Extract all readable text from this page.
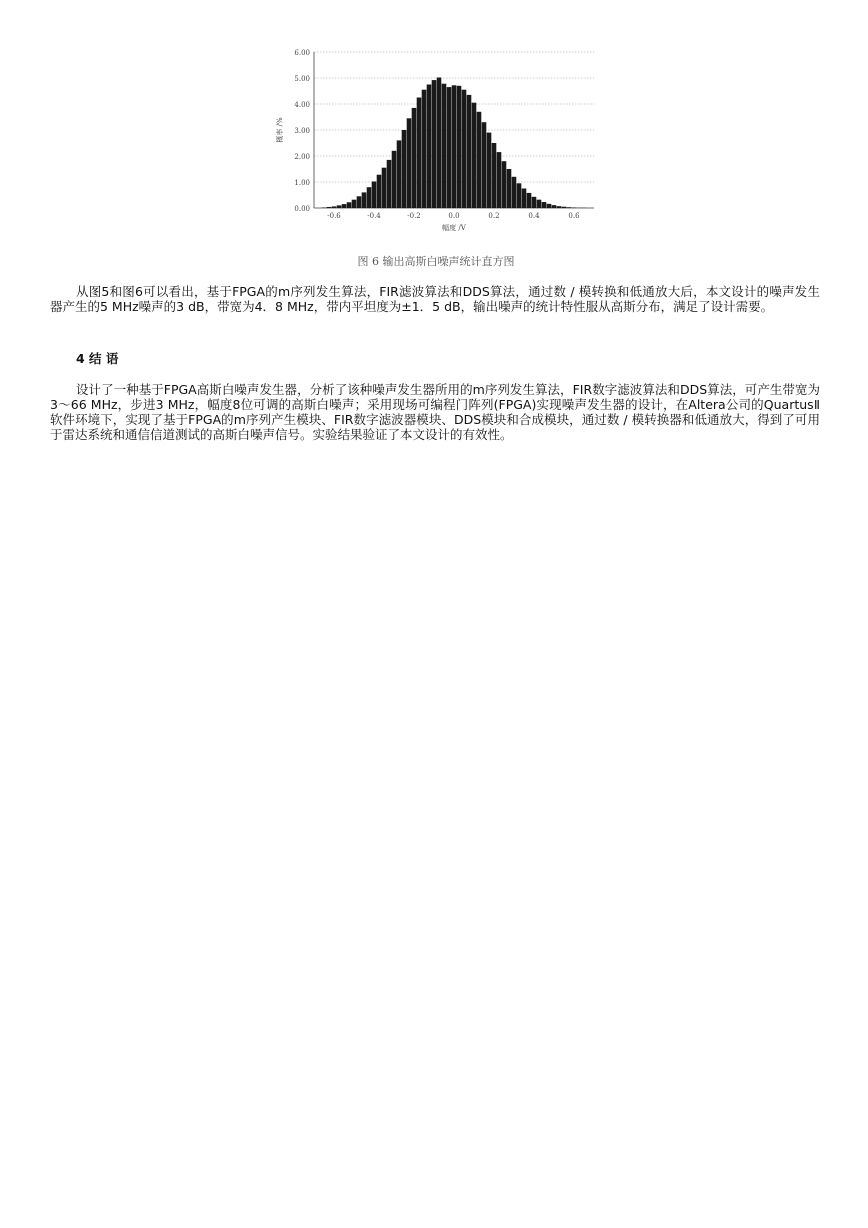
0.00
1.00
2.00
3.00
4.00
5.00
6.00
-0.6	-0.4	-0.2	0.0	0.2	0.4	0.6
幅度 /V
概率 /%
图 6 输出高斯白噪声统计直方图

从图5和图6可以看出，基于FPGA的m序列发生算法，FIR滤波算法和DDS算法，通过数 / 模转换和低通放大后，本文设计的噪声发生器产生的5 MHz噪声的3 dB，带宽为4．8 MHz，带内平坦度为±1．5 dB，输出噪声的统计特性服从高斯分布，满足了设计需要。

4 结 语

设计了一种基于FPGA高斯白噪声发生器，分析了该种噪声发生器所用的m序列发生算法，FIR数字滤波算法和DDS算法，可产生带宽为3～66 MHz，步进3 MHz，幅度8位可调的高斯白噪声；采用现场可编程门阵列(FPGA)实现噪声发生器的设计，在Altera公司的QuartusⅡ软件环境下，实现了基于FPGA的m序列产生模块、FIR数字滤波器模块、DDS模块和合成模块，通过数 / 模转换器和低通放大，得到了可用于雷达系统和通信信道测试的高斯白噪声信号。实验结果验证了本文设计的有效性。
